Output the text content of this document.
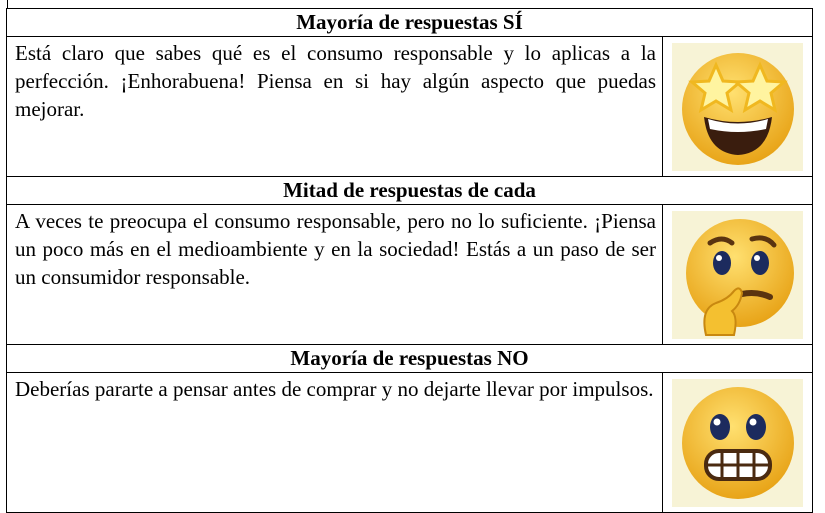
Mayoría de respuestas SÍ	
Está claro que sabes qué es el consumo responsable y lo aplicas a la perfección. ¡Enhorabuena! Piensa en si hay algún aspecto que puedas mejorar.	

Mitad de respuestas de cada	
A veces te preocupa el consumo responsable, pero no lo suficiente. ¡Piensa un poco más en el medioambiente y en la sociedad! Estás a un paso de ser un consumidor responsable.	

Mayoría de respuestas NO	
Deberías pararte a pensar antes de comprar y no dejarte llevar por impulsos.	
